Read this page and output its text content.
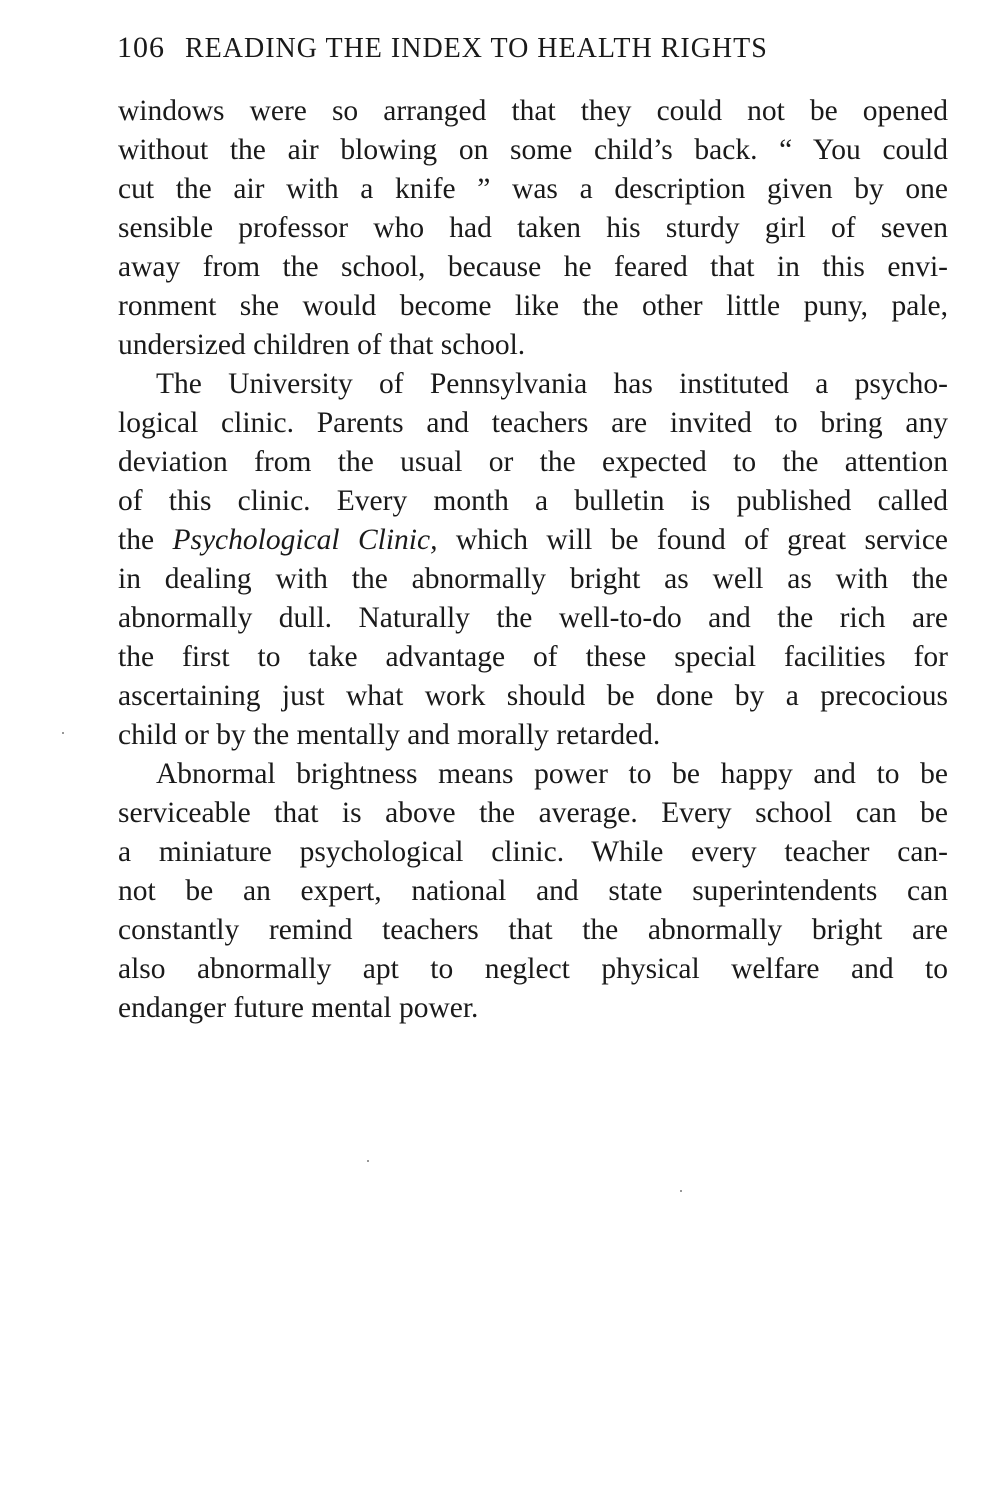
106 READING THE INDEX TO HEALTH RIGHTS
windows were so arranged that they could not be opened
without the air blowing on some child’s back. “ You could
cut the air with a knife ” was a description given by one
sensible professor who had taken his sturdy girl of seven
away from the school, because he feared that in this envi-
ronment she would become like the other little puny, pale,
undersized children of that school.
The University of Pennsylvania has instituted a psycho-
logical clinic. Parents and teachers are invited to bring any
deviation from the usual or the expected to the attention
of this clinic. Every month a bulletin is published called
the Psychological Clinic, which will be found of great service
in dealing with the abnormally bright as well as with the
abnormally dull. Naturally the well-to-do and the rich are
the first to take advantage of these special facilities for
ascertaining just what work should be done by a precocious
child or by the mentally and morally retarded.
Abnormal brightness means power to be happy and to be
serviceable that is above the average. Every school can be
a miniature psychological clinic. While every teacher can-
not be an expert, national and state superintendents can
constantly remind teachers that the abnormally bright are
also abnormally apt to neglect physical welfare and to
endanger future mental power.
